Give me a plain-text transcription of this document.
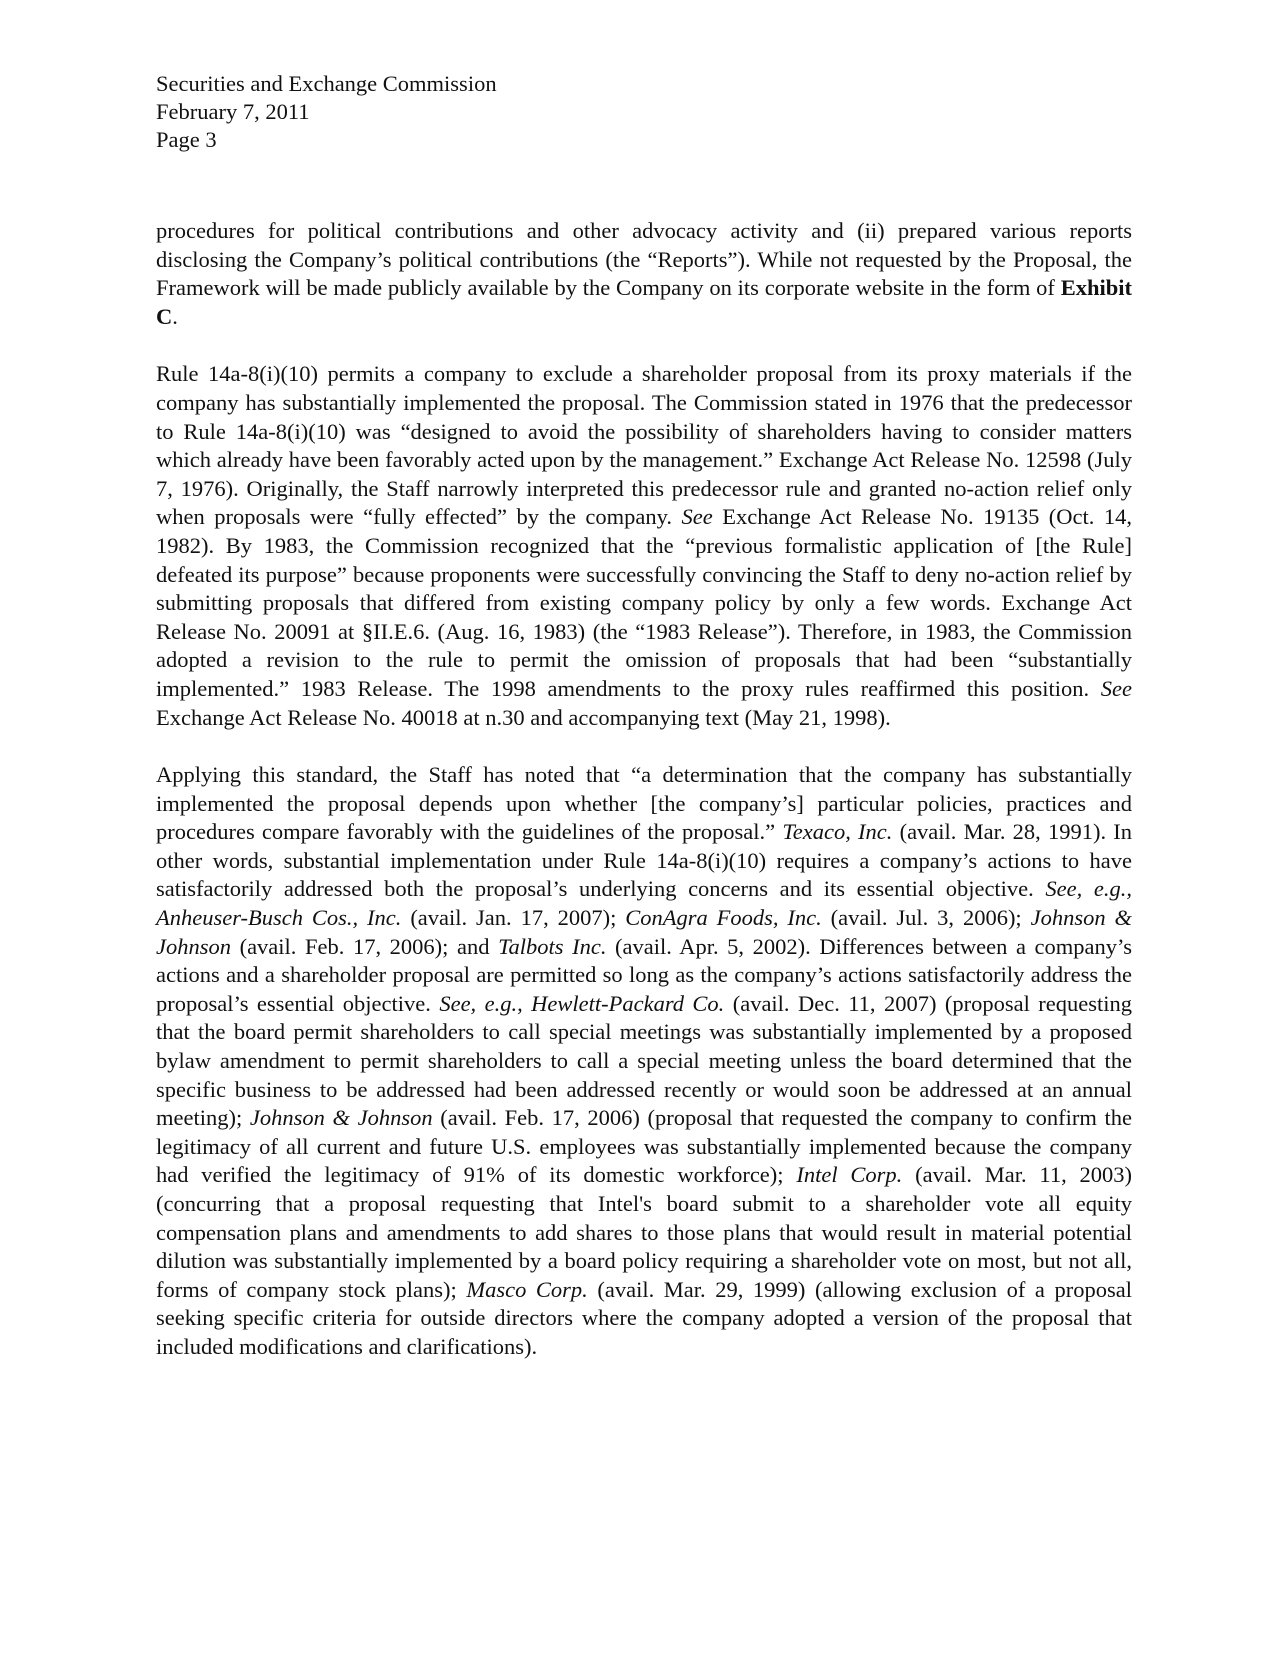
Securities and Exchange Commission
February 7, 2011
Page 3

procedures for political contributions and other advocacy activity and (ii) prepared various reports disclosing the Company’s political contributions (the “Reports”). While not requested by the Proposal, the Framework will be made publicly available by the Company on its corporate website in the form of Exhibit C.

Rule 14a-8(i)(10) permits a company to exclude a shareholder proposal from its proxy materials if the company has substantially implemented the proposal. The Commission stated in 1976 that the predecessor to Rule 14a-8(i)(10) was “designed to avoid the possibility of shareholders having to consider matters which already have been favorably acted upon by the management.” Exchange Act Release No. 12598 (July 7, 1976). Originally, the Staff narrowly interpreted this predecessor rule and granted no-action relief only when proposals were “fully effected” by the company. See Exchange Act Release No. 19135 (Oct. 14, 1982). By 1983, the Commission recognized that the “previous formalistic application of [the Rule] defeated its purpose” because proponents were successfully convincing the Staff to deny no-action relief by submitting proposals that differed from existing company policy by only a few words. Exchange Act Release No. 20091 at §II.E.6. (Aug. 16, 1983) (the “1983 Release”). Therefore, in 1983, the Commission adopted a revision to the rule to permit the omission of proposals that had been “substantially implemented.” 1983 Release. The 1998 amendments to the proxy rules reaffirmed this position. See Exchange Act Release No. 40018 at n.30 and accompanying text (May 21, 1998).

Applying this standard, the Staff has noted that “a determination that the company has substantially implemented the proposal depends upon whether [the company’s] particular policies, practices and procedures compare favorably with the guidelines of the proposal.” Texaco, Inc. (avail. Mar. 28, 1991). In other words, substantial implementation under Rule 14a-8(i)(10) requires a company’s actions to have satisfactorily addressed both the proposal’s underlying concerns and its essential objective. See, e.g., Anheuser-Busch Cos., Inc. (avail. Jan. 17, 2007); ConAgra Foods, Inc. (avail. Jul. 3, 2006); Johnson & Johnson (avail. Feb. 17, 2006); and Talbots Inc. (avail. Apr. 5, 2002). Differences between a company’s actions and a shareholder proposal are permitted so long as the company’s actions satisfactorily address the proposal’s essential objective. See, e.g., Hewlett-Packard Co. (avail. Dec. 11, 2007) (proposal requesting that the board permit shareholders to call special meetings was substantially implemented by a proposed bylaw amendment to permit shareholders to call a special meeting unless the board determined that the specific business to be addressed had been addressed recently or would soon be addressed at an annual meeting); Johnson & Johnson (avail. Feb. 17, 2006) (proposal that requested the company to confirm the legitimacy of all current and future U.S. employees was substantially implemented because the company had verified the legitimacy of 91% of its domestic workforce); Intel Corp. (avail. Mar. 11, 2003) (concurring that a proposal requesting that Intel's board submit to a shareholder vote all equity compensation plans and amendments to add shares to those plans that would result in material potential dilution was substantially implemented by a board policy requiring a shareholder vote on most, but not all, forms of company stock plans); Masco Corp. (avail. Mar. 29, 1999) (allowing exclusion of a proposal seeking specific criteria for outside directors where the company adopted a version of the proposal that included modifications and clarifications).
